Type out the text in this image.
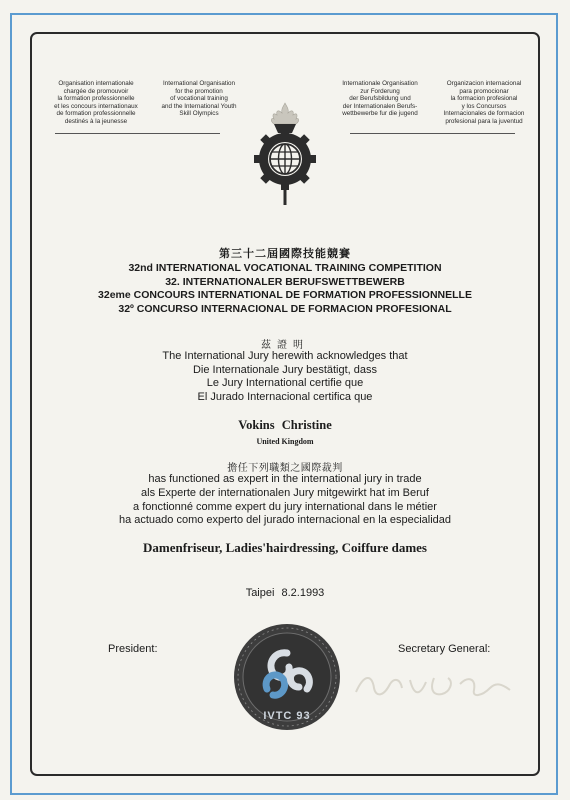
Organisation internationale
chargée de promouvoir
la formation professionnelle
et les concours internationaux
de formation professionnelle
destinés à la jeunesse
International Organisation
for the promotion
of vocational training
and the International Youth
Skill Olympics
Internationale Organisation
zur Forderung
der Berufsbildung und
der Internationalen Berufs-
wettbewerbe fur die jugend
Organizacion internacional
para promocionar
la formacion profesional
y los Concursos
Internacionales de formacion
profesional para la juventud
第三十二屆國際技能競賽
32nd INTERNATIONAL VOCATIONAL TRAINING COMPETITION
32. INTERNATIONALER BERUFSWETTBEWERB
32eme CONCOURS INTERNATIONAL DE FORMATION PROFESSIONNELLE
32º CONCURSO INTERNACIONAL DE FORMACION PROFESIONAL
茲證明
The International Jury herewith acknowledges that
Die Internationale Jury bestätigt, dass
Le Jury International certifie que
El Jurado Internacional certifica que
Vokins Christine
United Kingdom
擔任下列職類之國際裁判
has functioned as expert in the international jury in trade
als Experte der internationalen Jury mitgewirkt hat im Beruf
a fonctionné comme expert du jury international dans le métier
ha actuado como experto del jurado internacional en la especialidad
Damenfriseur, Ladies'hairdressing, Coiffure dames
Taipei 8.2.1993
President:	Secretary General:
IVTC 93
